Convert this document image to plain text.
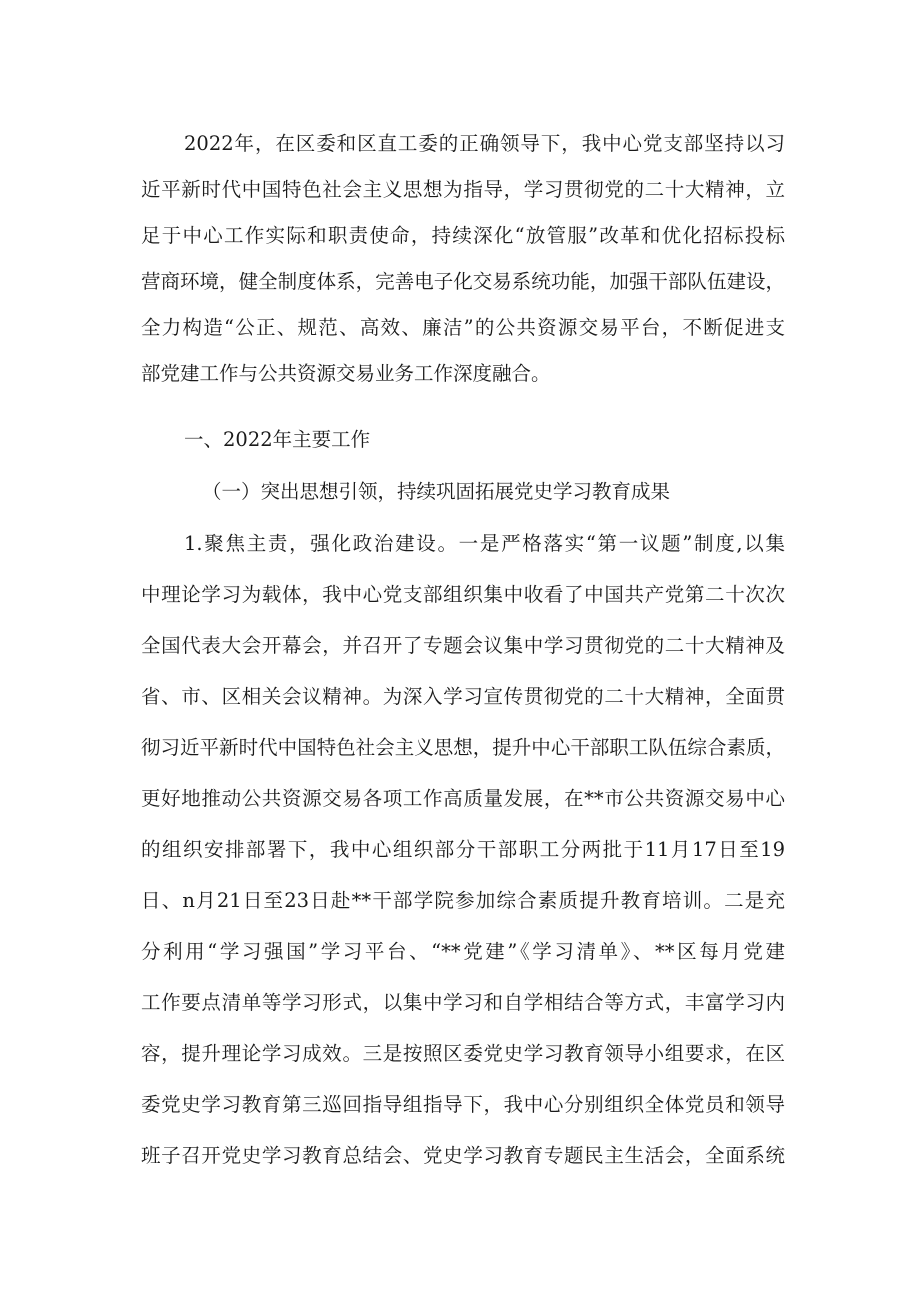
2022年，在区委和区直工委的正确领导下，我中心党支部坚持以习
近平新时代中国特色社会主义思想为指导，学习贯彻党的二十大精神，立
足于中心工作实际和职责使命，持续深化“放管服”改革和优化招标投标
营商环境，健全制度体系，完善电子化交易系统功能，加强干部队伍建设，
全力构造“公正、规范、高效、廉洁”的公共资源交易平台，不断促进支
部党建工作与公共资源交易业务工作深度融合。
一、2022年主要工作
（一）突出思想引领，持续巩固拓展党史学习教育成果
1.聚焦主责，强化政治建设。一是严格落实“第一议题”制度,以集
中理论学习为载体，我中心党支部组织集中收看了中国共产党第二十次次
全国代表大会开幕会，并召开了专题会议集中学习贯彻党的二十大精神及
省、市、区相关会议精神。为深入学习宣传贯彻党的二十大精神，全面贯
彻习近平新时代中国特色社会主义思想，提升中心干部职工队伍综合素质，
更好地推动公共资源交易各项工作高质量发展，在**市公共资源交易中心
的组织安排部署下，我中心组织部分干部职工分两批于11月17日至19
日、n月21日至23日赴**干部学院参加综合素质提升教育培训。二是充
分利用“学习强国”学习平台、“**党建”《学习清单》、**区每月党建
工作要点清单等学习形式，以集中学习和自学相结合等方式，丰富学习内
容，提升理论学习成效。三是按照区委党史学习教育领导小组要求，在区
委党史学习教育第三巡回指导组指导下，我中心分别组织全体党员和领导
班子召开党史学习教育总结会、党史学习教育专题民主生活会，全面系统
